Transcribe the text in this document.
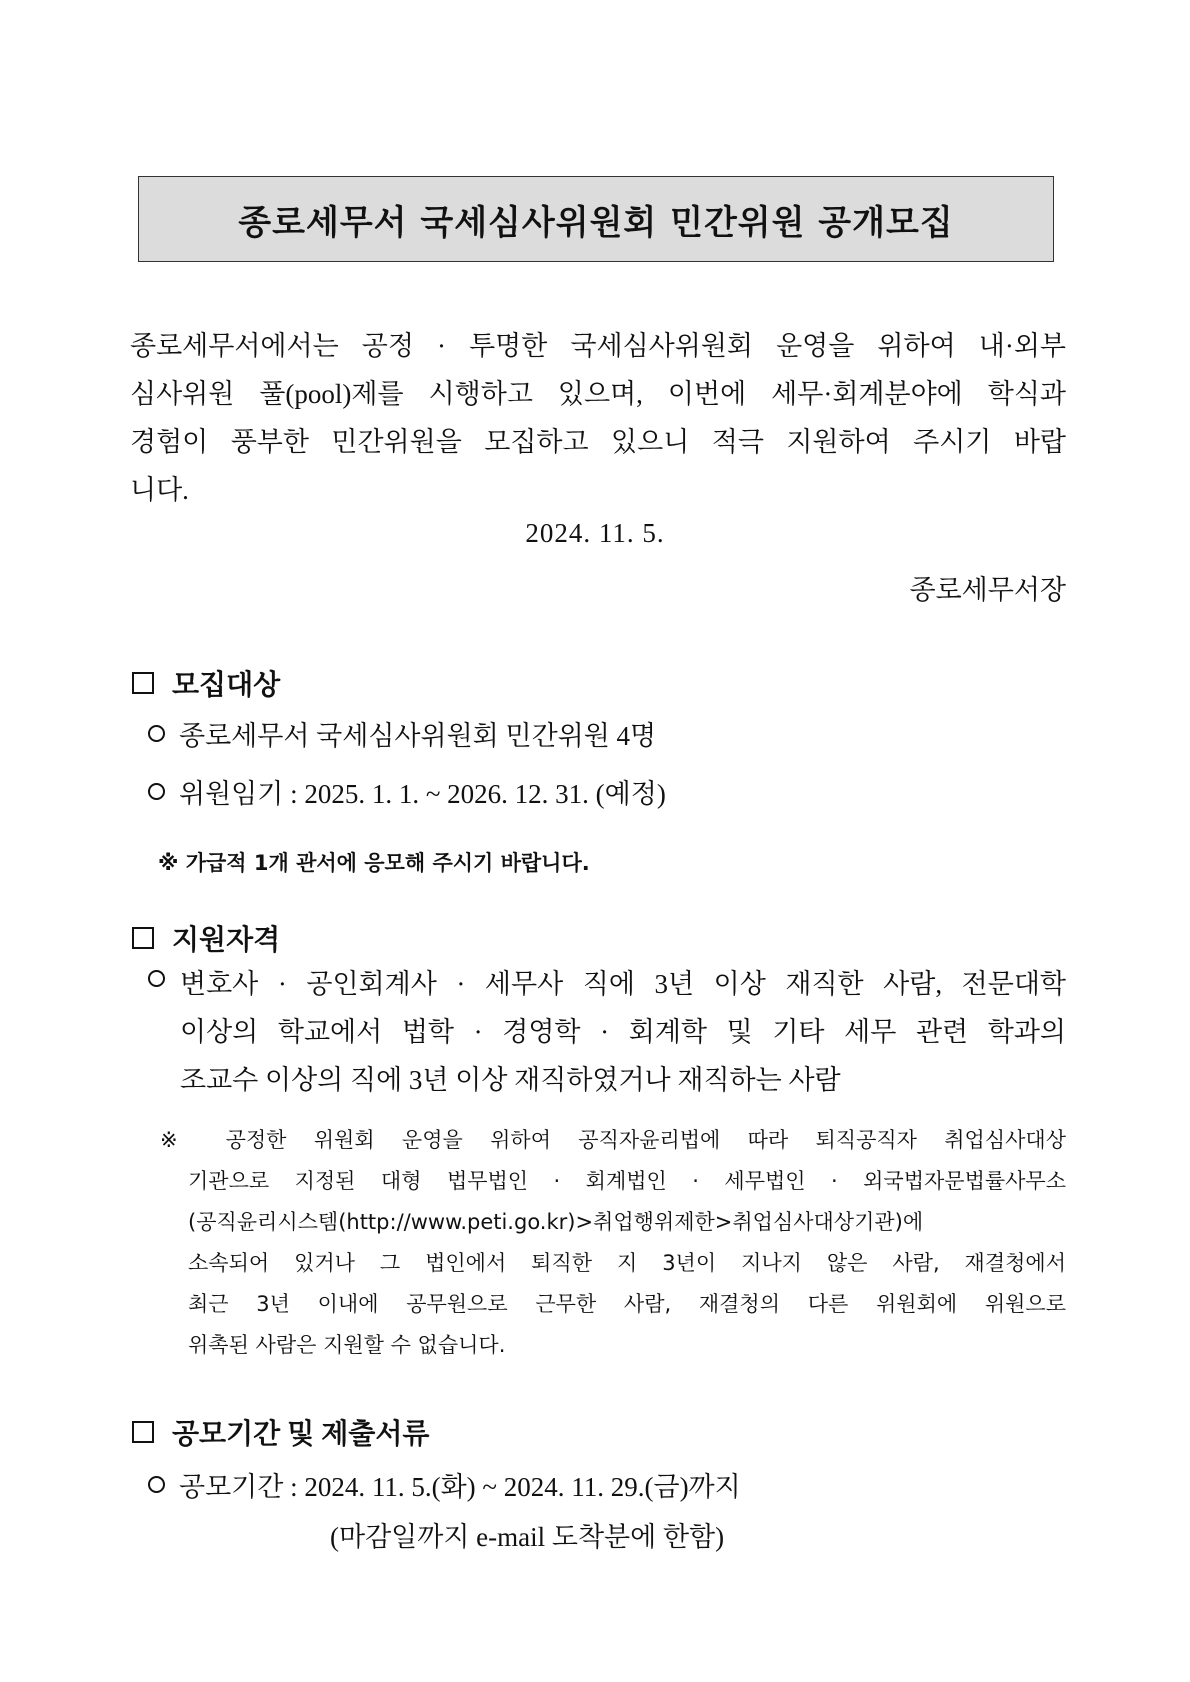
종로세무서 국세심사위원회 민간위원 공개모집
종로세무서에서는 공정 · 투명한 국세심사위원회 운영을 위하여 내·외부
심사위원 풀(pool)제를 시행하고 있으며, 이번에 세무·회계분야에 학식과
경험이 풍부한 민간위원을 모집하고 있으니 적극 지원하여 주시기 바랍
니다.
2024. 11. 5.
종로세무서장
모집대상
종로세무서 국세심사위원회 민간위원 4명
위원임기 : 2025. 1. 1. ~ 2026. 12. 31. (예정)
※ 가급적 1개 관서에 응모해 주시기 바랍니다.
지원자격
변호사 · 공인회계사 · 세무사 직에 3년 이상 재직한 사람, 전문대학
이상의 학교에서 법학 · 경영학 · 회계학 및 기타 세무 관련 학과의
조교수 이상의 직에 3년 이상 재직하였거나 재직하는 사람
※ 공정한 위원회 운영을 위하여 공직자윤리법에 따라 퇴직공직자 취업심사대상
기관으로 지정된 대형 법무법인 · 회계법인 · 세무법인 · 외국법자문법률사무소
(공직윤리시스템(http://www.peti.go.kr)>취업행위제한>취업심사대상기관)에
소속되어 있거나 그 법인에서 퇴직한 지 3년이 지나지 않은 사람, 재결청에서
최근 3년 이내에 공무원으로 근무한 사람, 재결청의 다른 위원회에 위원으로
위촉된 사람은 지원할 수 없습니다.
공모기간 및 제출서류
공모기간 : 2024. 11. 5.(화) ~ 2024. 11. 29.(금)까지
(마감일까지 e-mail 도착분에 한함)
